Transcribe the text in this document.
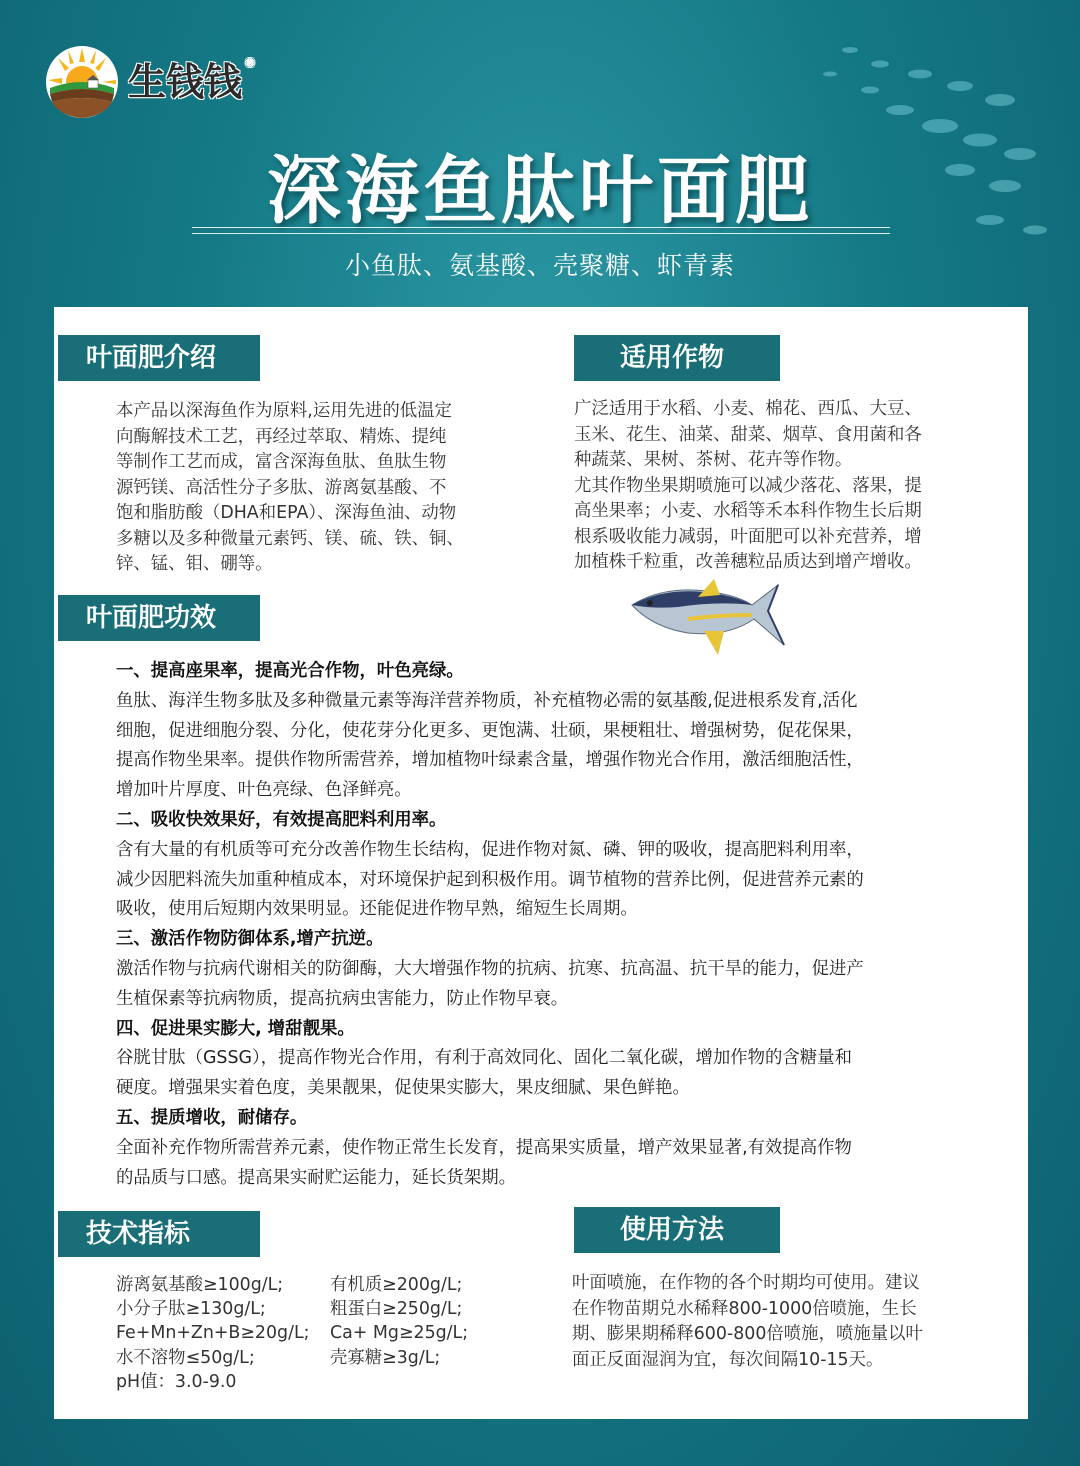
生钱钱 ®
深海鱼肽叶面肥
小鱼肽、氨基酸、壳聚糖、虾青素
叶面肥介绍
本产品以深海鱼作为原料,运用先进的低温定
向酶解技术工艺，再经过萃取、精炼、提纯
等制作工艺而成，富含深海鱼肽、鱼肽生物
源钙镁、高活性分子多肽、游离氨基酸、不
饱和脂肪酸（DHA和EPA）、深海鱼油、动物
多糖以及多种微量元素钙、镁、硫、铁、铜、
锌、锰、钼、硼等。
适用作物
广泛适用于水稻、小麦、棉花、西瓜、大豆、
玉米、花生、油菜、甜菜、烟草、食用菌和各
种蔬菜、果树、茶树、花卉等作物。
尤其作物坐果期喷施可以减少落花、落果，提
高坐果率；小麦、水稻等禾本科作物生长后期
根系吸收能力减弱，叶面肥可以补充营养，增
加植株千粒重，改善穗粒品质达到增产增收。
叶面肥功效
一、提高座果率，提高光合作物，叶色亮绿。
鱼肽、海洋生物多肽及多种微量元素等海洋营养物质，补充植物必需的氨基酸,促进根系发育,活化
细胞，促进细胞分裂、分化，使花芽分化更多、更饱满、壮硕，果梗粗壮、增强树势，促花保果，
提高作物坐果率。提供作物所需营养，增加植物叶绿素含量，增强作物光合作用，激活细胞活性，
增加叶片厚度、叶色亮绿、色泽鲜亮。
二、吸收快效果好，有效提高肥料利用率。
含有大量的有机质等可充分改善作物生长结构，促进作物对氮、磷、钾的吸收，提高肥料利用率，
减少因肥料流失加重种植成本，对环境保护起到积极作用。调节植物的营养比例，促进营养元素的
吸收，使用后短期内效果明显。还能促进作物早熟，缩短生长周期。
三、激活作物防御体系,增产抗逆。
激活作物与抗病代谢相关的防御酶，大大增强作物的抗病、抗寒、抗高温、抗干旱的能力，促进产
生植保素等抗病物质，提高抗病虫害能力，防止作物早衰。
四、促进果实膨大, 增甜靓果。
谷胱甘肽（GSSG），提高作物光合作用，有利于高效同化、固化二氧化碳，增加作物的含糖量和
硬度。增强果实着色度，美果靓果，促使果实膨大，果皮细腻、果色鲜艳。
五、提质增收，耐储存。
全面补充作物所需营养元素，使作物正常生长发育，提高果实质量，增产效果显著,有效提高作物
的品质与口感。提高果实耐贮运能力，延长货架期。
技术指标
游离氨基酸≥100g/L;	有机质≥200g/L;
小分子肽≥130g/L;	粗蛋白≥250g/L;
Fe+Mn+Zn+B≥20g/L;	Ca+ Mg≥25g/L;
水不溶物≤50g/L;	壳寡糖≥3g/L;
pH值：3.0-9.0
使用方法
叶面喷施，在作物的各个时期均可使用。建议
在作物苗期兑水稀释800-1000倍喷施，生长
期、膨果期稀释600-800倍喷施，喷施量以叶
面正反面湿润为宜，每次间隔10-15天。
